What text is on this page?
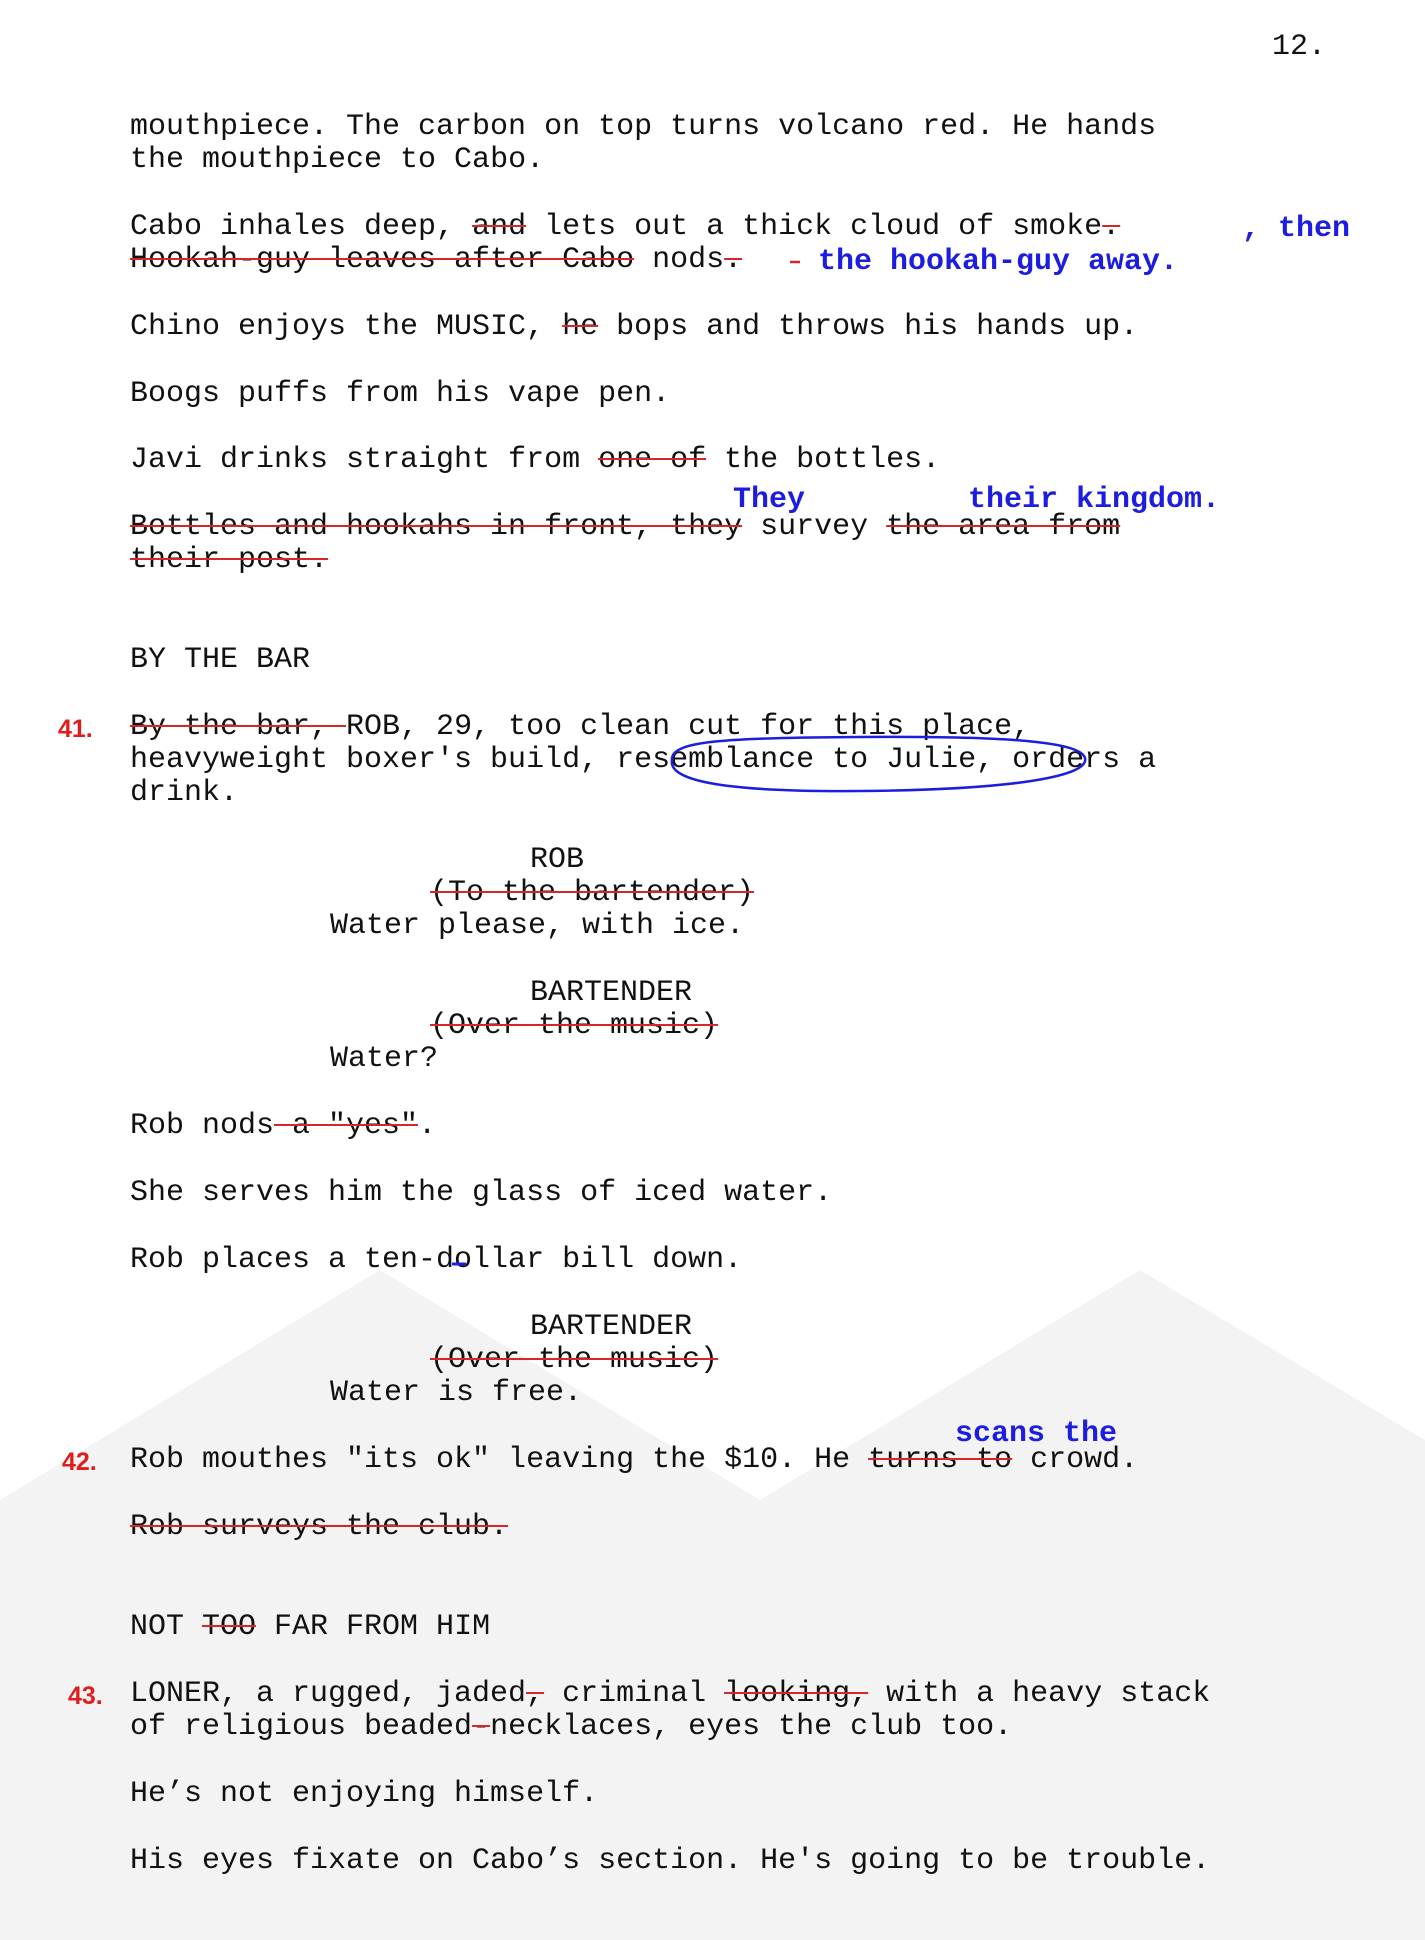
12.
mouthpiece. The carbon on top turns volcano red. He hands
the mouthpiece to Cabo.
Cabo inhales deep, and lets out a thick cloud of smoke.	, then
Hookah-guy leaves after Cabo nods.	the hookah-guy away.
Chino enjoys the MUSIC, he bops and throws his hands up.
Boogs puffs from his vape pen.
Javi drinks straight from one of the bottles.
They	their kingdom.
Bottles and hookahs in front, they survey the area from
their post.
BY THE BAR
41. By the bar, ROB, 29, too clean cut for this place,
heavyweight boxer's build, resemblance to Julie, orders a
drink.
ROB
(To the bartender)
Water please, with ice.
BARTENDER
(Over the music)
Water?
Rob nods a "yes".
She serves him the glass of iced water.
Rob places a ten-dollar bill down.
BARTENDER
(Over the music)
Water is free.
scans the
42. Rob mouthes "its ok" leaving the $10. He turns to crowd.
Rob surveys the club.
NOT TOO FAR FROM HIM
43. LONER, a rugged, jaded, criminal looking, with a heavy stack
of religious beaded-necklaces, eyes the club too.
He’s not enjoying himself.
His eyes fixate on Cabo’s section. He's going to be trouble.
